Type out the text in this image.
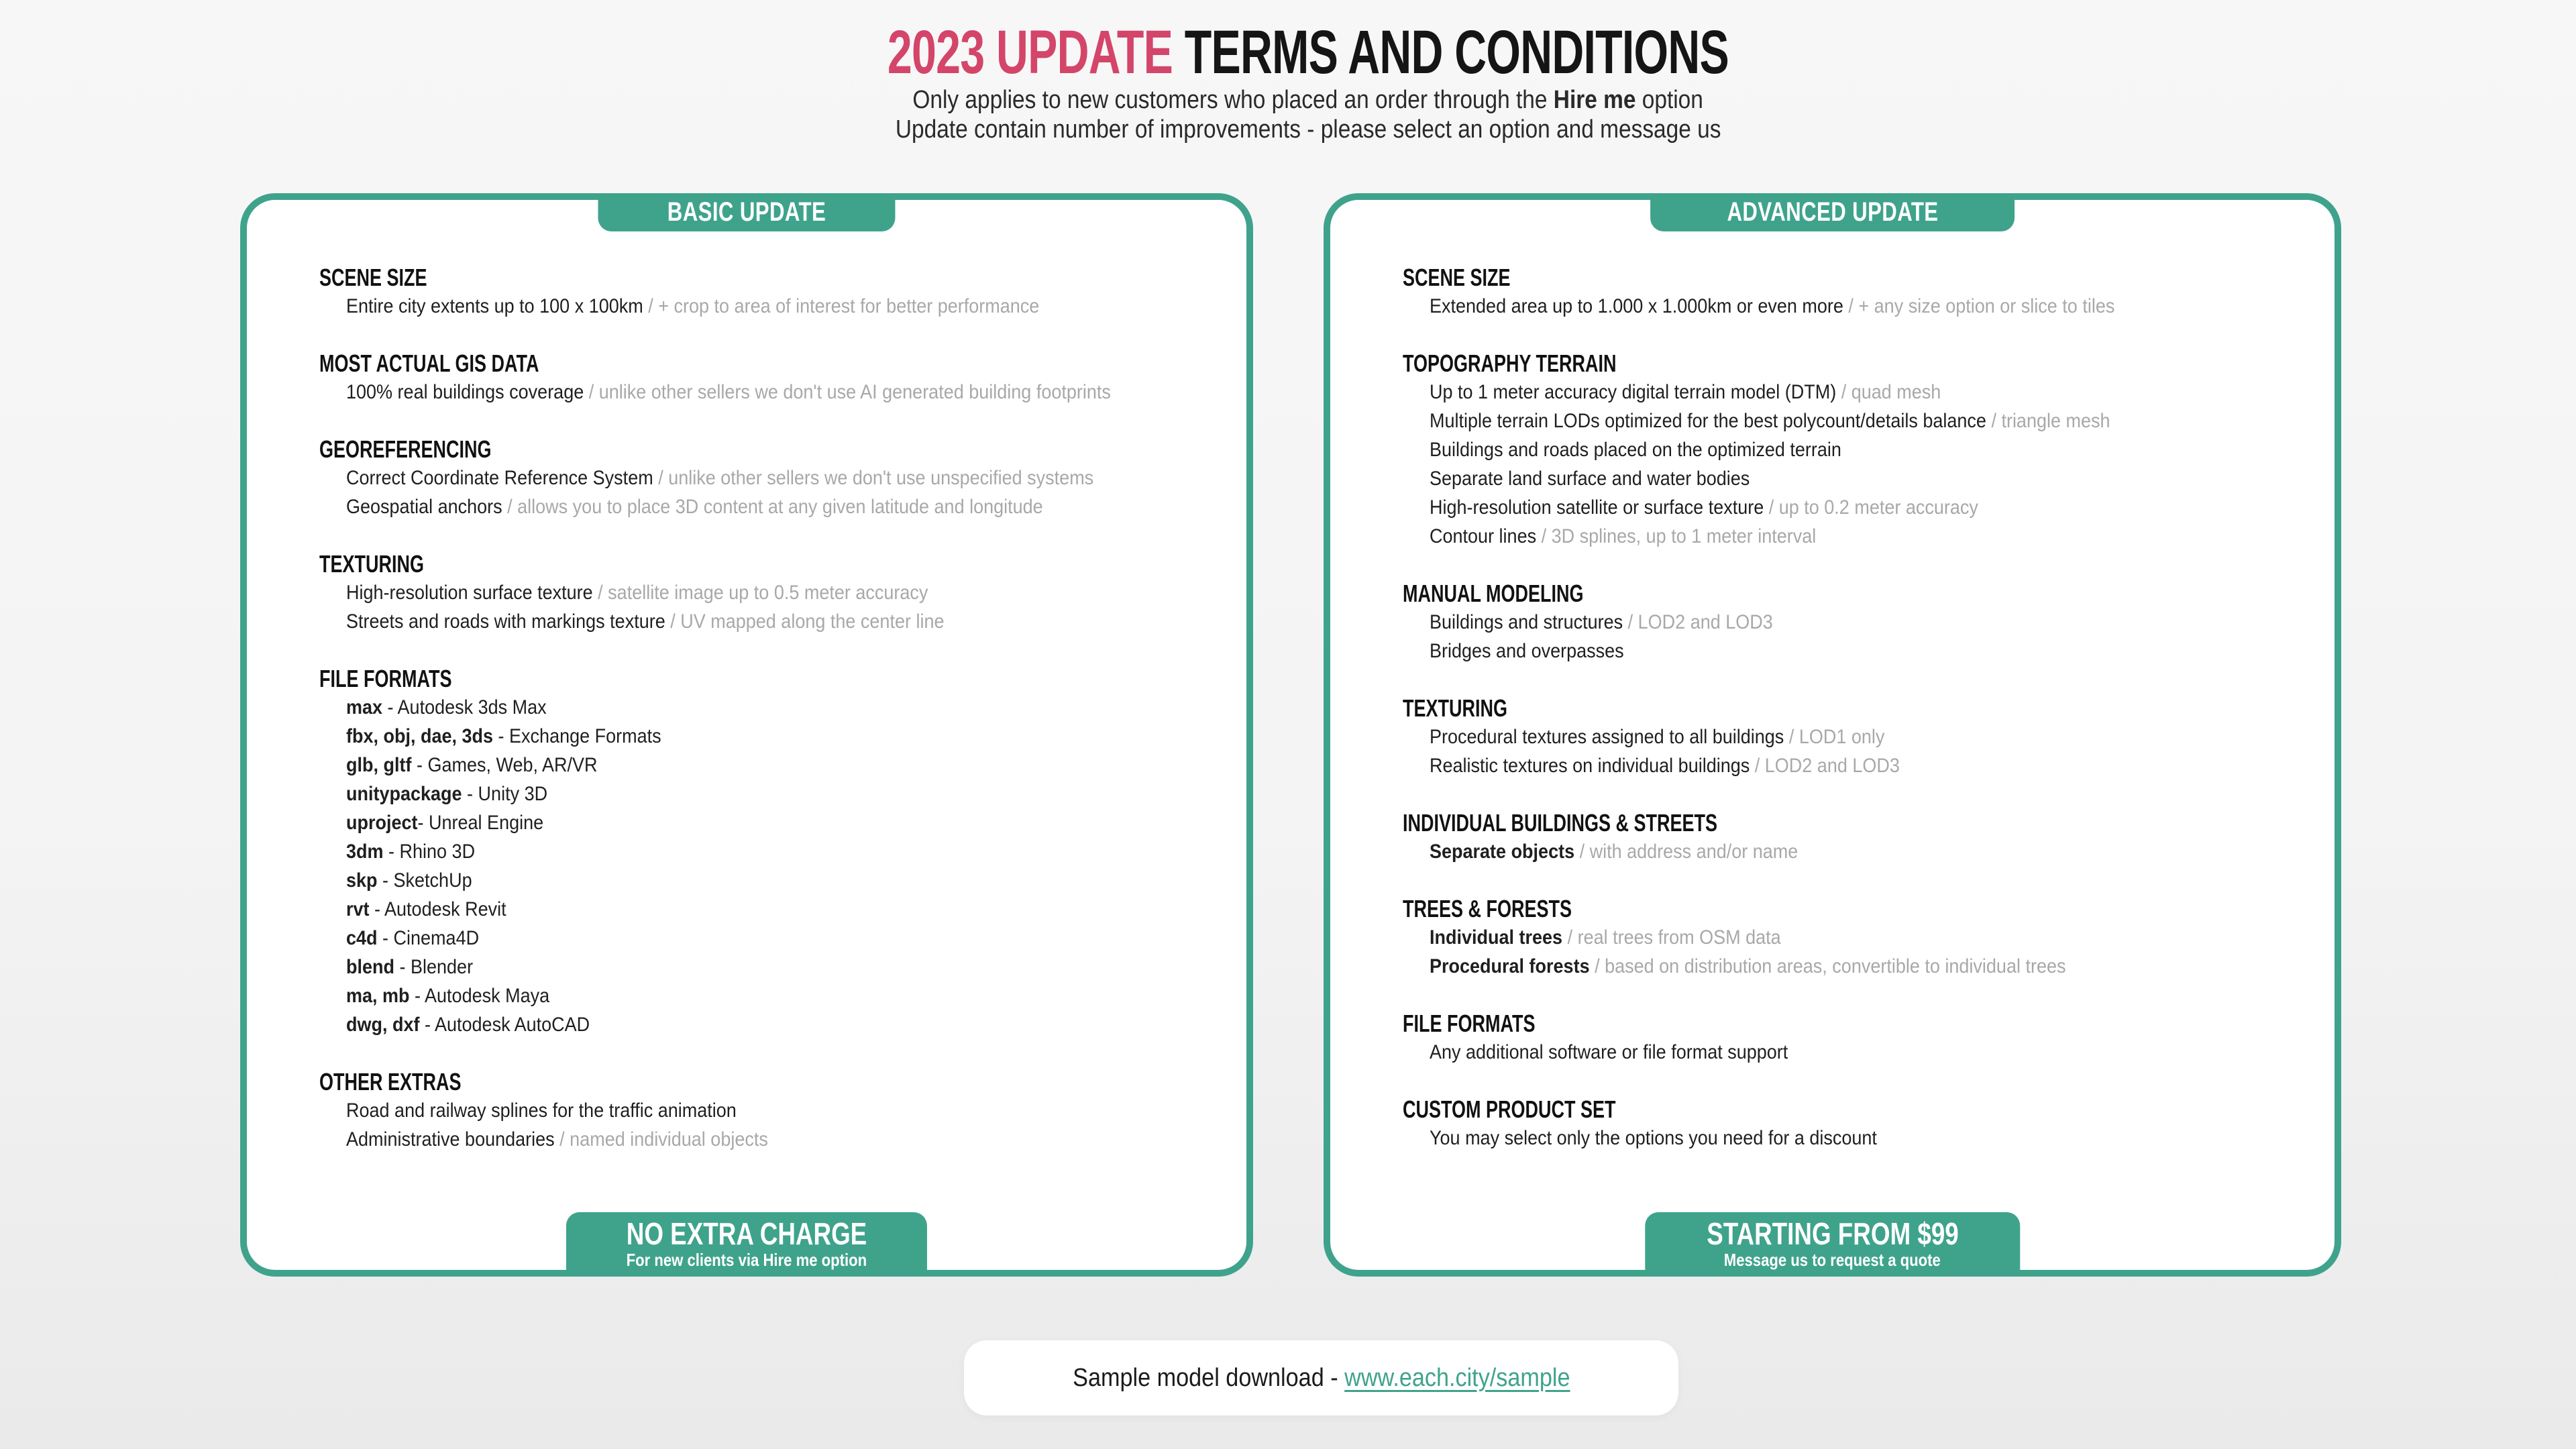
2023 UPDATE TERMS AND CONDITIONS

Only applies to new customers who placed an order through the Hire me option

Update contain number of improvements - please select an option and message us

BASIC UPDATE
SCENE SIZE
Entire city extents up to 100 x 100km / + crop to area of interest for better performance
MOST ACTUAL GIS DATA
100% real buildings coverage / unlike other sellers we don't use AI generated building footprints
GEOREFERENCING
Correct Coordinate Reference System / unlike other sellers we don't use unspecified systems
Geospatial anchors / allows you to place 3D content at any given latitude and longitude
TEXTURING
High-resolution surface texture / satellite image up to 0.5 meter accuracy
Streets and roads with markings texture / UV mapped along the center line
FILE FORMATS
max - Autodesk 3ds Max
fbx, obj, dae, 3ds - Exchange Formats
glb, gltf - Games, Web, AR/VR
unitypackage - Unity 3D
uproject- Unreal Engine
3dm - Rhino 3D
skp - SketchUp
rvt - Autodesk Revit
c4d - Cinema4D
blend - Blender
ma, mb - Autodesk Maya
dwg, dxf - Autodesk AutoCAD
OTHER EXTRAS
Road and railway splines for the traffic animation
Administrative boundaries / named individual objects
NO EXTRA CHARGE
For new clients via Hire me option
ADVANCED UPDATE
SCENE SIZE
Extended area up to 1.000 x 1.000km or even more / + any size option or slice to tiles
TOPOGRAPHY TERRAIN
Up to 1 meter accuracy digital terrain model (DTM) / quad mesh
Multiple terrain LODs optimized for the best polycount/details balance / triangle mesh
Buildings and roads placed on the optimized terrain
Separate land surface and water bodies
High-resolution satellite or surface texture / up to 0.2 meter accuracy
Contour lines / 3D splines, up to 1 meter interval
MANUAL MODELING
Buildings and structures / LOD2 and LOD3
Bridges and overpasses
TEXTURING
Procedural textures assigned to all buildings / LOD1 only
Realistic textures on individual buildings / LOD2 and LOD3
INDIVIDUAL BUILDINGS & STREETS
Separate objects / with address and/or name
TREES & FORESTS
Individual trees / real trees from OSM data
Procedural forests / based on distribution areas, convertible to individual trees
FILE FORMATS
Any additional software or file format support
CUSTOM PRODUCT SET
You may select only the options you need for a discount
STARTING FROM $99
Message us to request a quote
Sample model download - www.each.city/sample
